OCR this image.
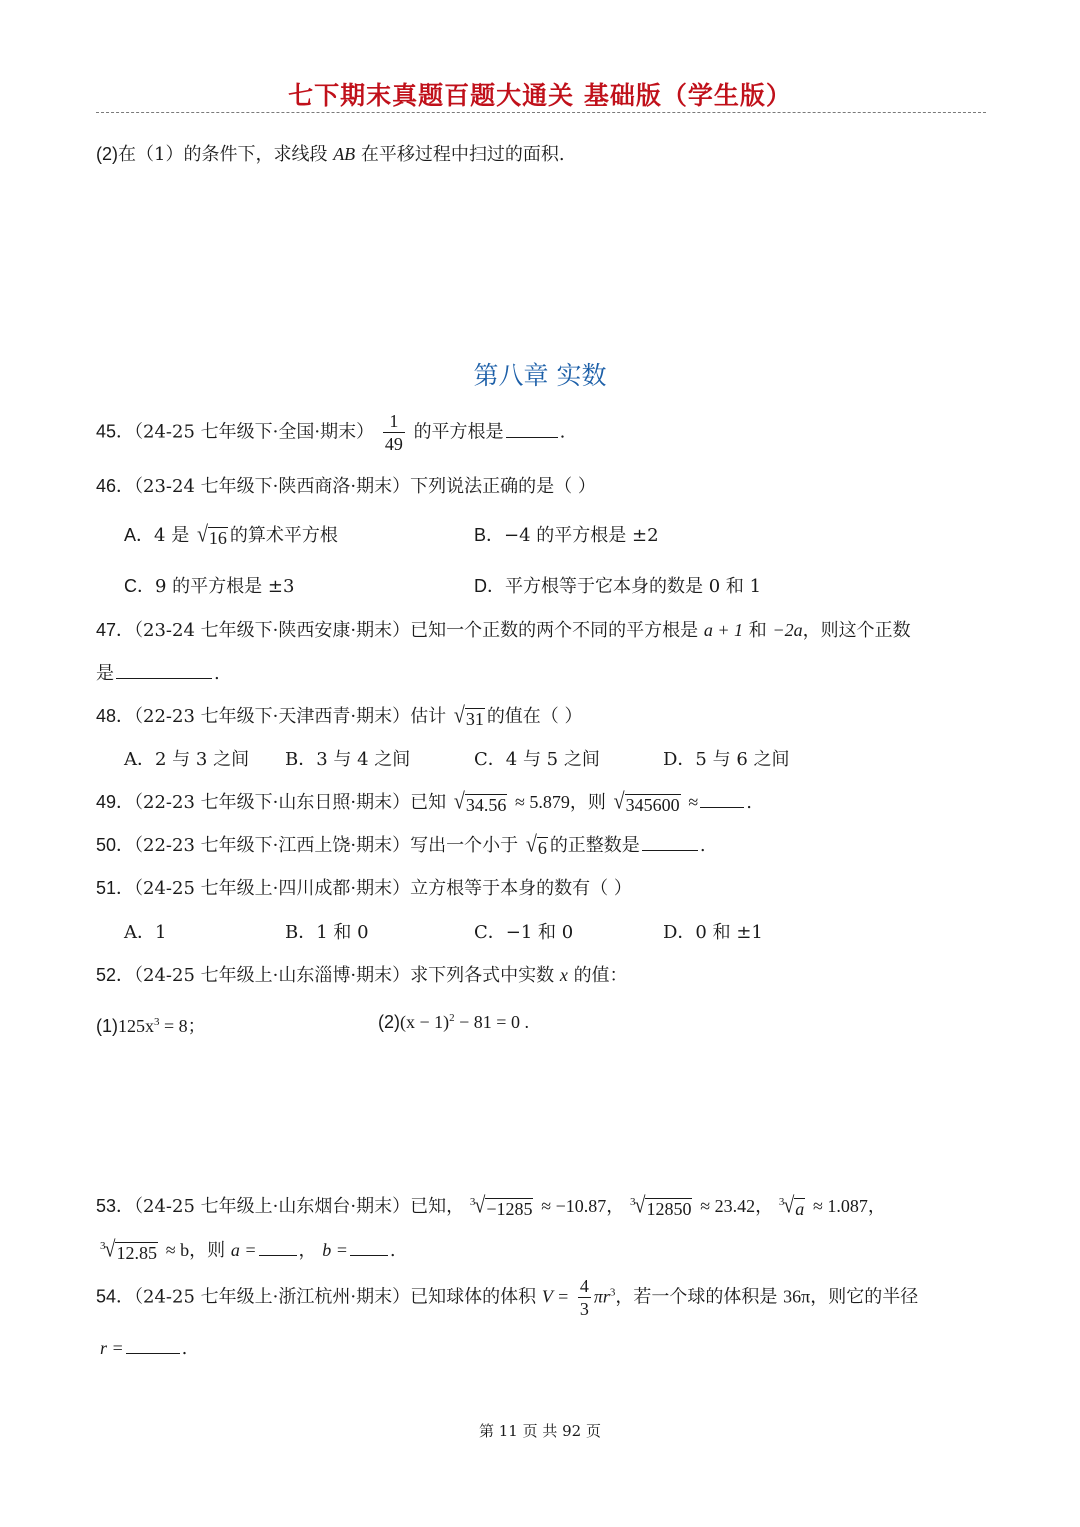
七下期末真题百题大通关 基础版（学生版）
(2)在（1）的条件下，求线段 AB 在平移过程中扫过的面积.
第八章 实数
45．（24-25 七年级下·全国·期末） $\frac{1}{49}$ 的平方根是	.
46．（23-24 七年级下·陕西商洛·期末）下列说法正确的是（ ）
A．4 是 √ 16 的算术平方根	B．−4 的平方根是 ±2
C．9 的平方根是 ±3	D．平方根等于它本身的数是 0 和 1
47．（23-24 七年级下·陕西安康·期末）已知一个正数的两个不同的平方根是 a + 1 和 −2a，则这个正数
是	.
48．（22-23 七年级下·天津西青·期末）估计 √ 31 的值在（ ）
A．2 与 3 之间 B．3 与 4 之间	C．4 与 5 之间	D．5 与 6 之间
49．（22-23 七年级下·山东日照·期末）已知 √ 34.56 ≈ 5.879，则 √ 345600 ≈	.
50．（22-23 七年级下·江西上饶·期末）写出一个小于 √ 6 的正整数是	.
51．（24-25 七年级上·四川成都·期末）立方根等于本身的数有（ ）
A．1	B．1 和 0	C．−1 和 0	D．0 和 ±1
52．（24-25 七年级上·山东淄博·期末）求下列各式中实数 x 的值：
$(1)125x^3 = 8$；	$(2)(x - 1)^2 - 81 = 0$ .
53．（24-25 七年级上·山东烟台·期末）已知， $^3$ √ −1285 ≈ −10.87， $^3$ √ 12850 ≈ 23.42， $^3$ √ a ≈ 1.087，
$^3$ √ 12.85 ≈ b，则 a = ， b = .
54．（24-25 七年级上·浙江杭州·期末）已知球体的体积 $V = \frac{4}{3} \pi r^3$，若一个球的体积是 36π，则它的半径
r =	.
第 11 页 共 92 页
